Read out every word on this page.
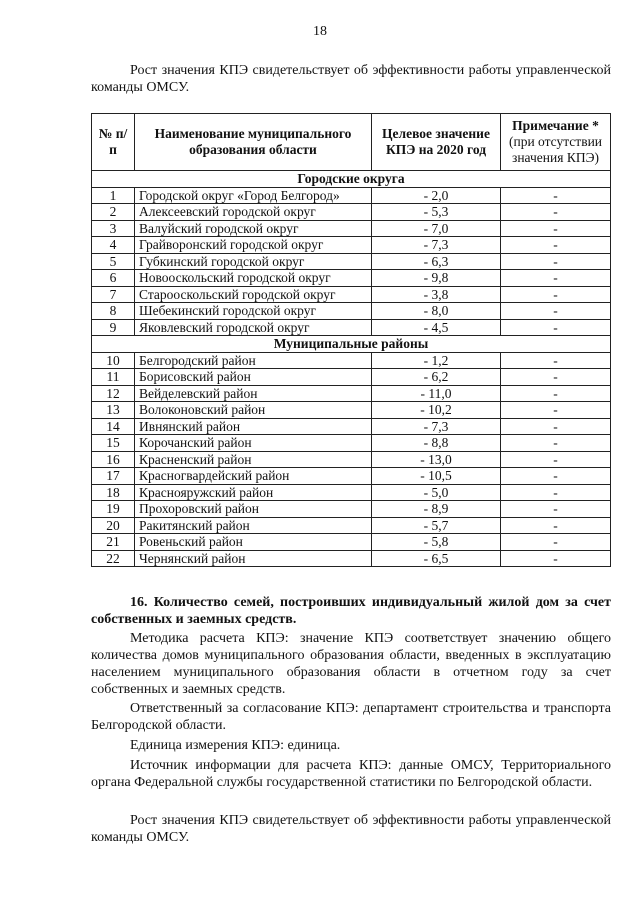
18

Рост значения КПЭ свидетельствует об эффективности работы управленческой команды ОМСУ.

№ п/п	Наименование муниципального образования области	Целевое значение КПЭ на 2020 год	Примечание *
(при отсутствии значения КПЭ)

Городские округа			
1	Городской округ «Город Белгород»	- 2,0	-
2	Алексеевский городской округ	- 5,3	-
3	Валуйский городской округ	- 7,0	-
4	Грайворонский городской округ	- 7,3	-
5	Губкинский городской округ	- 6,3	-
6	Новооскольский городской округ	- 9,8	-
7	Старооскольский городской округ	- 3,8	-
8	Шебекинский городской округ	- 8,0	-
9	Яковлевский городской округ	- 4,5	-
Муниципальные районы			
10	Белгородский район	- 1,2	-
11	Борисовский район	- 6,2	-
12	Вейделевский район	- 11,0	-
13	Волоконовский район	- 10,2	-
14	Ивнянский район	- 7,3	-
15	Корочанский район	- 8,8	-
16	Красненский район	- 13,0	-
17	Красногвардейский район	- 10,5	-
18	Краснояружский район	- 5,0	-
19	Прохоровский район	- 8,9	-
20	Ракитянский район	- 5,7	-
21	Ровеньский район	- 5,8	-
22	Чернянский район	- 6,5	-

16. Количество семей, построивших индивидуальный жилой дом за счет собственных и заемных средств.

Методика расчета КПЭ: значение КПЭ соответствует значению общего количества домов муниципального образования области, введенных в эксплуатацию населением муниципального образования области в отчетном году за счет собственных и заемных средств.

Ответственный за согласование КПЭ: департамент строительства и транспорта Белгородской области.

Единица измерения КПЭ: единица.

Источник информации для расчета КПЭ: данные ОМСУ, Территориального органа Федеральной службы государственной статистики по Белгородской области.

Рост значения КПЭ свидетельствует об эффективности работы управленческой команды ОМСУ.
